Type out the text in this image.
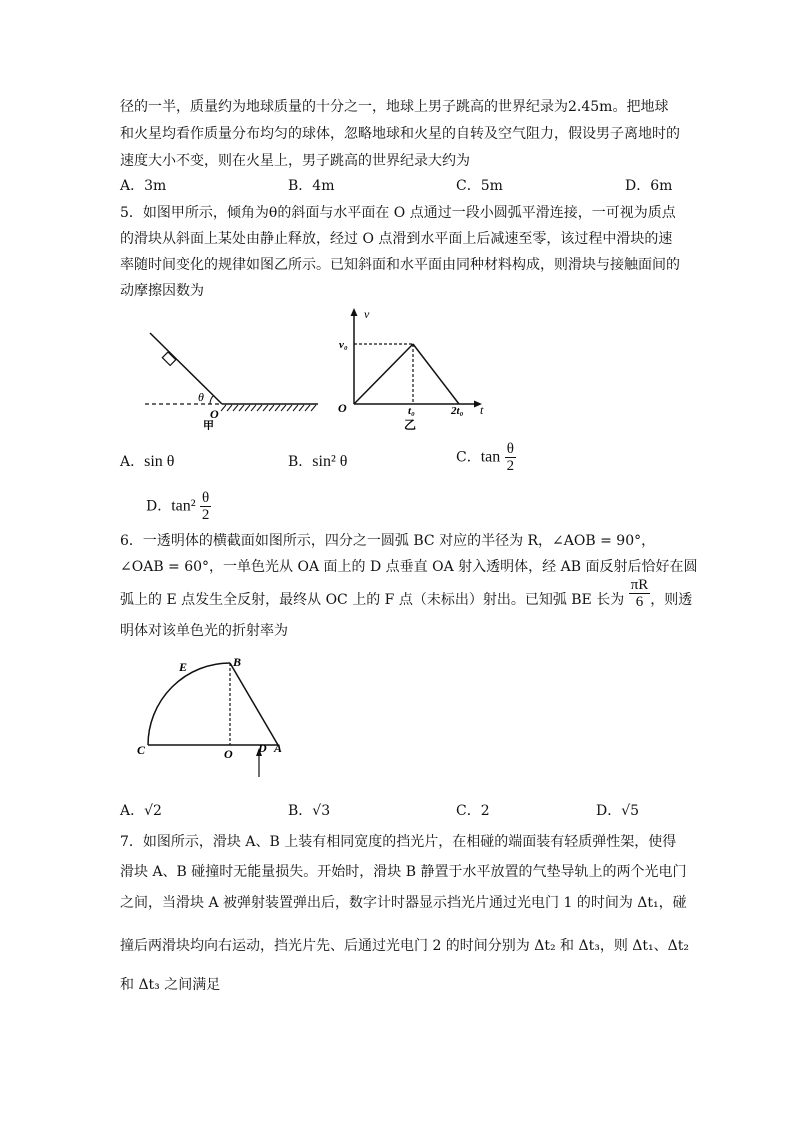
径的一半，质量约为地球质量的十分之一，地球上男子跳高的世界纪录为2.45m。把地球
和火星均看作质量分布均匀的球体，忽略地球和火星的自转及空气阻力，假设男子离地时的
速度大小不变，则在火星上，男子跳高的世界纪录大约为
A．3m	B．4m	C．5m	D．6m
5．如图甲所示，倾角为θ的斜面与水平面在 O 点通过一段小圆弧平滑连接，一可视为质点
的滑块从斜面上某处由静止释放，经过 O 点滑到水平面上后减速至零，该过程中滑块的速
率随时间变化的规律如图乙所示。已知斜面和水平面由同种材料构成，则滑块与接触面间的
动摩擦因数为
θ
O
甲
v
v₀
O	t₀	2t₀ t
乙
A．sin θ	B．sin² θ	C．$\tan \frac{\theta}{2}$
D．$\tan^2 \frac{\theta}{2}$
6．一透明体的横截面如图所示，四分之一圆弧 BC 对应的半径为 R，∠AOB = 90°，
∠OAB = 60°，一单色光从 OA 面上的 D 点垂直 OA 射入透明体，经 AB 面反射后恰好在圆
弧上的 E 点发生全反射，最终从 OC 上的 F 点（未标出）射出。已知弧 BE 长为 $\frac{\pi R}{6}$ ，则透
明体对该单色光的折射率为
E	B
C	O D A
A．√2	B．√3	C．2	D．√5
7．如图所示，滑块 A、B 上装有相同宽度的挡光片，在相碰的端面装有轻质弹性架，使得
滑块 A、B 碰撞时无能量损失。开始时，滑块 B 静置于水平放置的气垫导轨上的两个光电门
之间，当滑块 A 被弹射装置弹出后，数字计时器显示挡光片通过光电门 1 的时间为 Δt₁，碰
撞后两滑块均向右运动，挡光片先、后通过光电门 2 的时间分别为 Δt₂ 和 Δt₃，则 Δt₁、Δt₂
和 Δt₃ 之间满足
